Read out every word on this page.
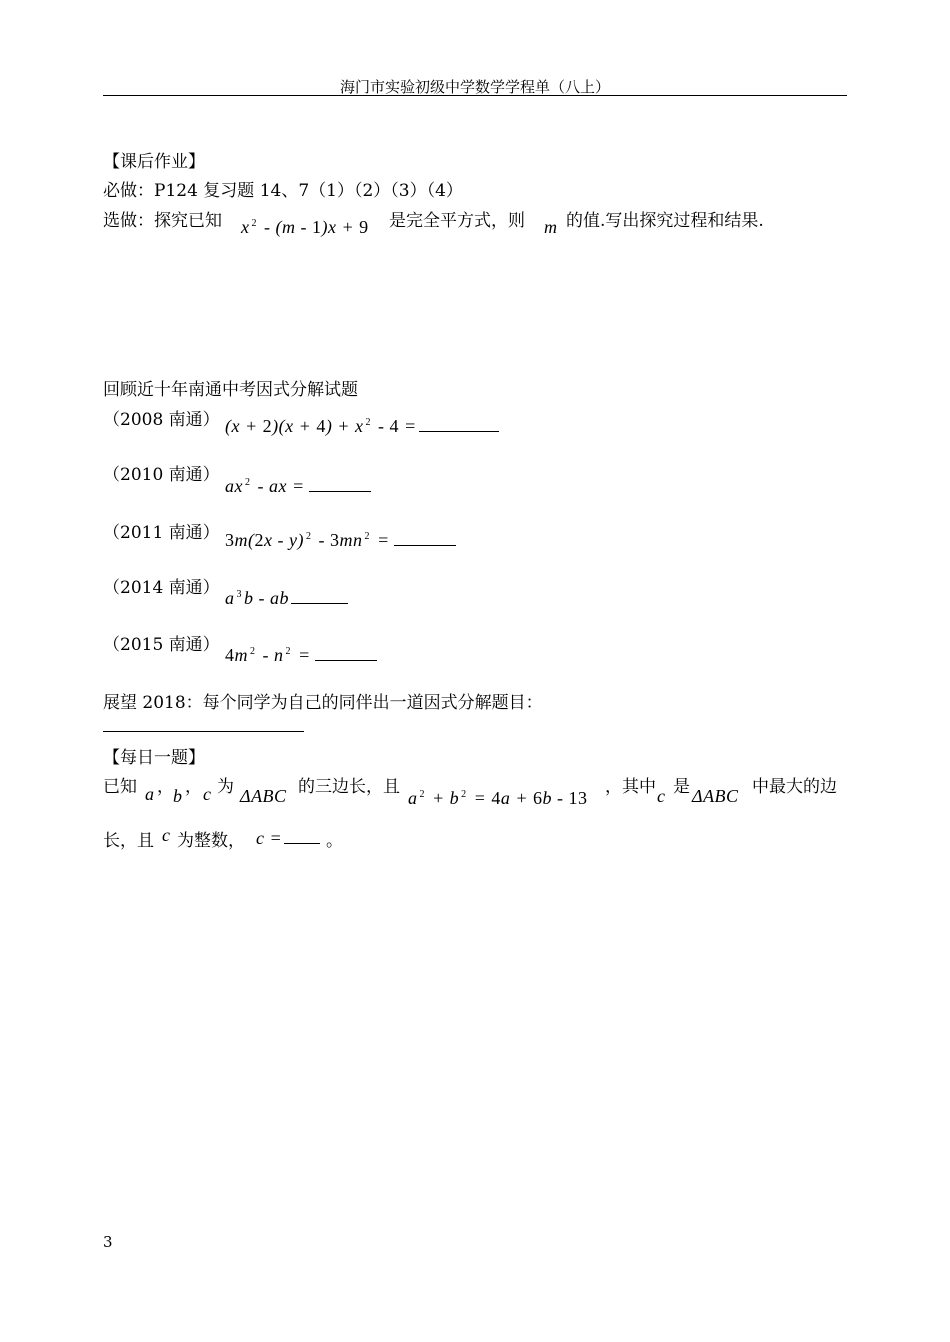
海门市实验初级中学数学学程单（八上）
【课后作业】
必做：P124 复习题 14、7（1）（2）（3）（4）
选做：探究已知 x $^2$ - (m - 1)x + 9 是完全平方式，则 m 的值.写出探究过程和结果.
回顾近十年南通中考因式分解试题
（2008 南通） (x + 2)(x + 4) + x $^2$ - 4 =
（2010 南通）
ax $^2$ - ax =
（2011 南通） 3m(2x - y) $^2$ - 3mn $^2$ =
（2014 南通） a $^3$ b - ab
（2015 南通） 4m $^2$ - n $^2$ =
展望 2018：每个同学为自己的同伴出一道因式分解题目：
【每日一题】
已知 a ， b ， c 为 ΔABC 的三边长，且
a $^2$ + b $^2$ = 4a + 6b - 13
，其中 c 是 ΔABC 中最大的边
长，且 c 为整数， c =	。
3
